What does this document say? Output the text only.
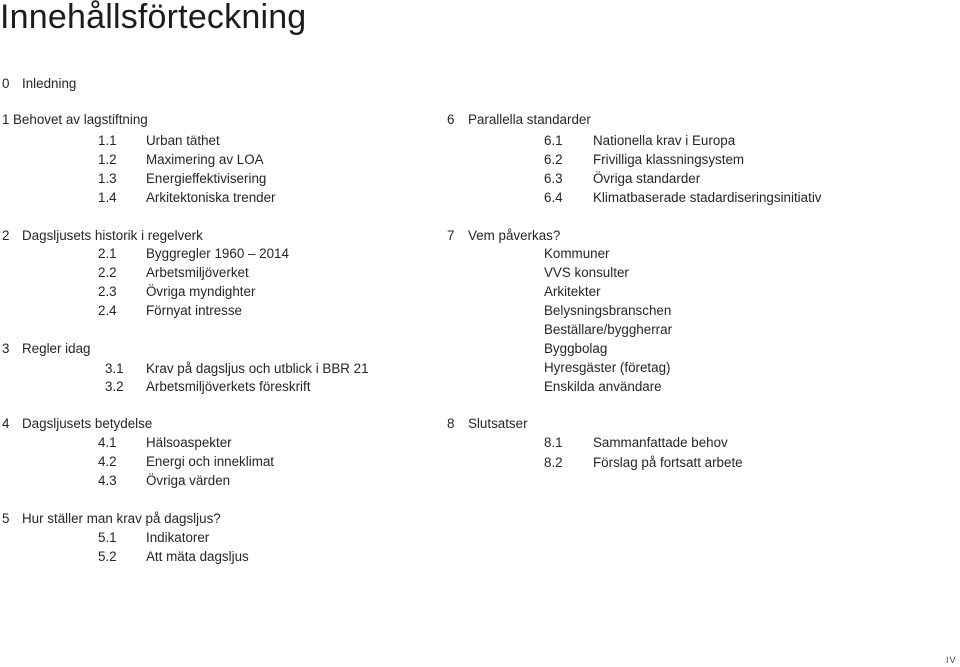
Innehållsförteckning
0 Inledning
1 Behovet av lagstiftning
1.1 Urban täthet
1.2 Maximering av LOA
1.3 Energieffektivisering
1.4 Arkitektoniska trender
2 Dagsljusets historik i regelverk
2.1 Byggregler 1960 – 2014
2.2 Arbetsmiljöverket
2.3 Övriga myndighter
2.4 Förnyat intresse
3 Regler idag
3.1 Krav på dagsljus och utblick i BBR 21
3.2 Arbetsmiljöverkets föreskrift
4 Dagsljusets betydelse
4.1 Hälsoaspekter
4.2 Energi och inneklimat
4.3 Övriga värden
5 Hur ställer man krav på dagsljus?
5.1 Indikatorer
5.2 Att mäta dagsljus
6 Parallella standarder
6.1 Nationella krav i Europa
6.2 Frivilliga klassningsystem
6.3 Övriga standarder
6.4 Klimatbaserade stadardiseringsinitiativ
7 Vem påverkas?
Kommuner
VVS konsulter
Arkitekter
Belysningsbranschen
Beställare/byggherrar
Byggbolag
Hyresgäster (företag)
Enskilda användare
8 Slutsatser
8.1 Sammanfattade behov
8.2 Förslag på fortsatt arbete
IV
